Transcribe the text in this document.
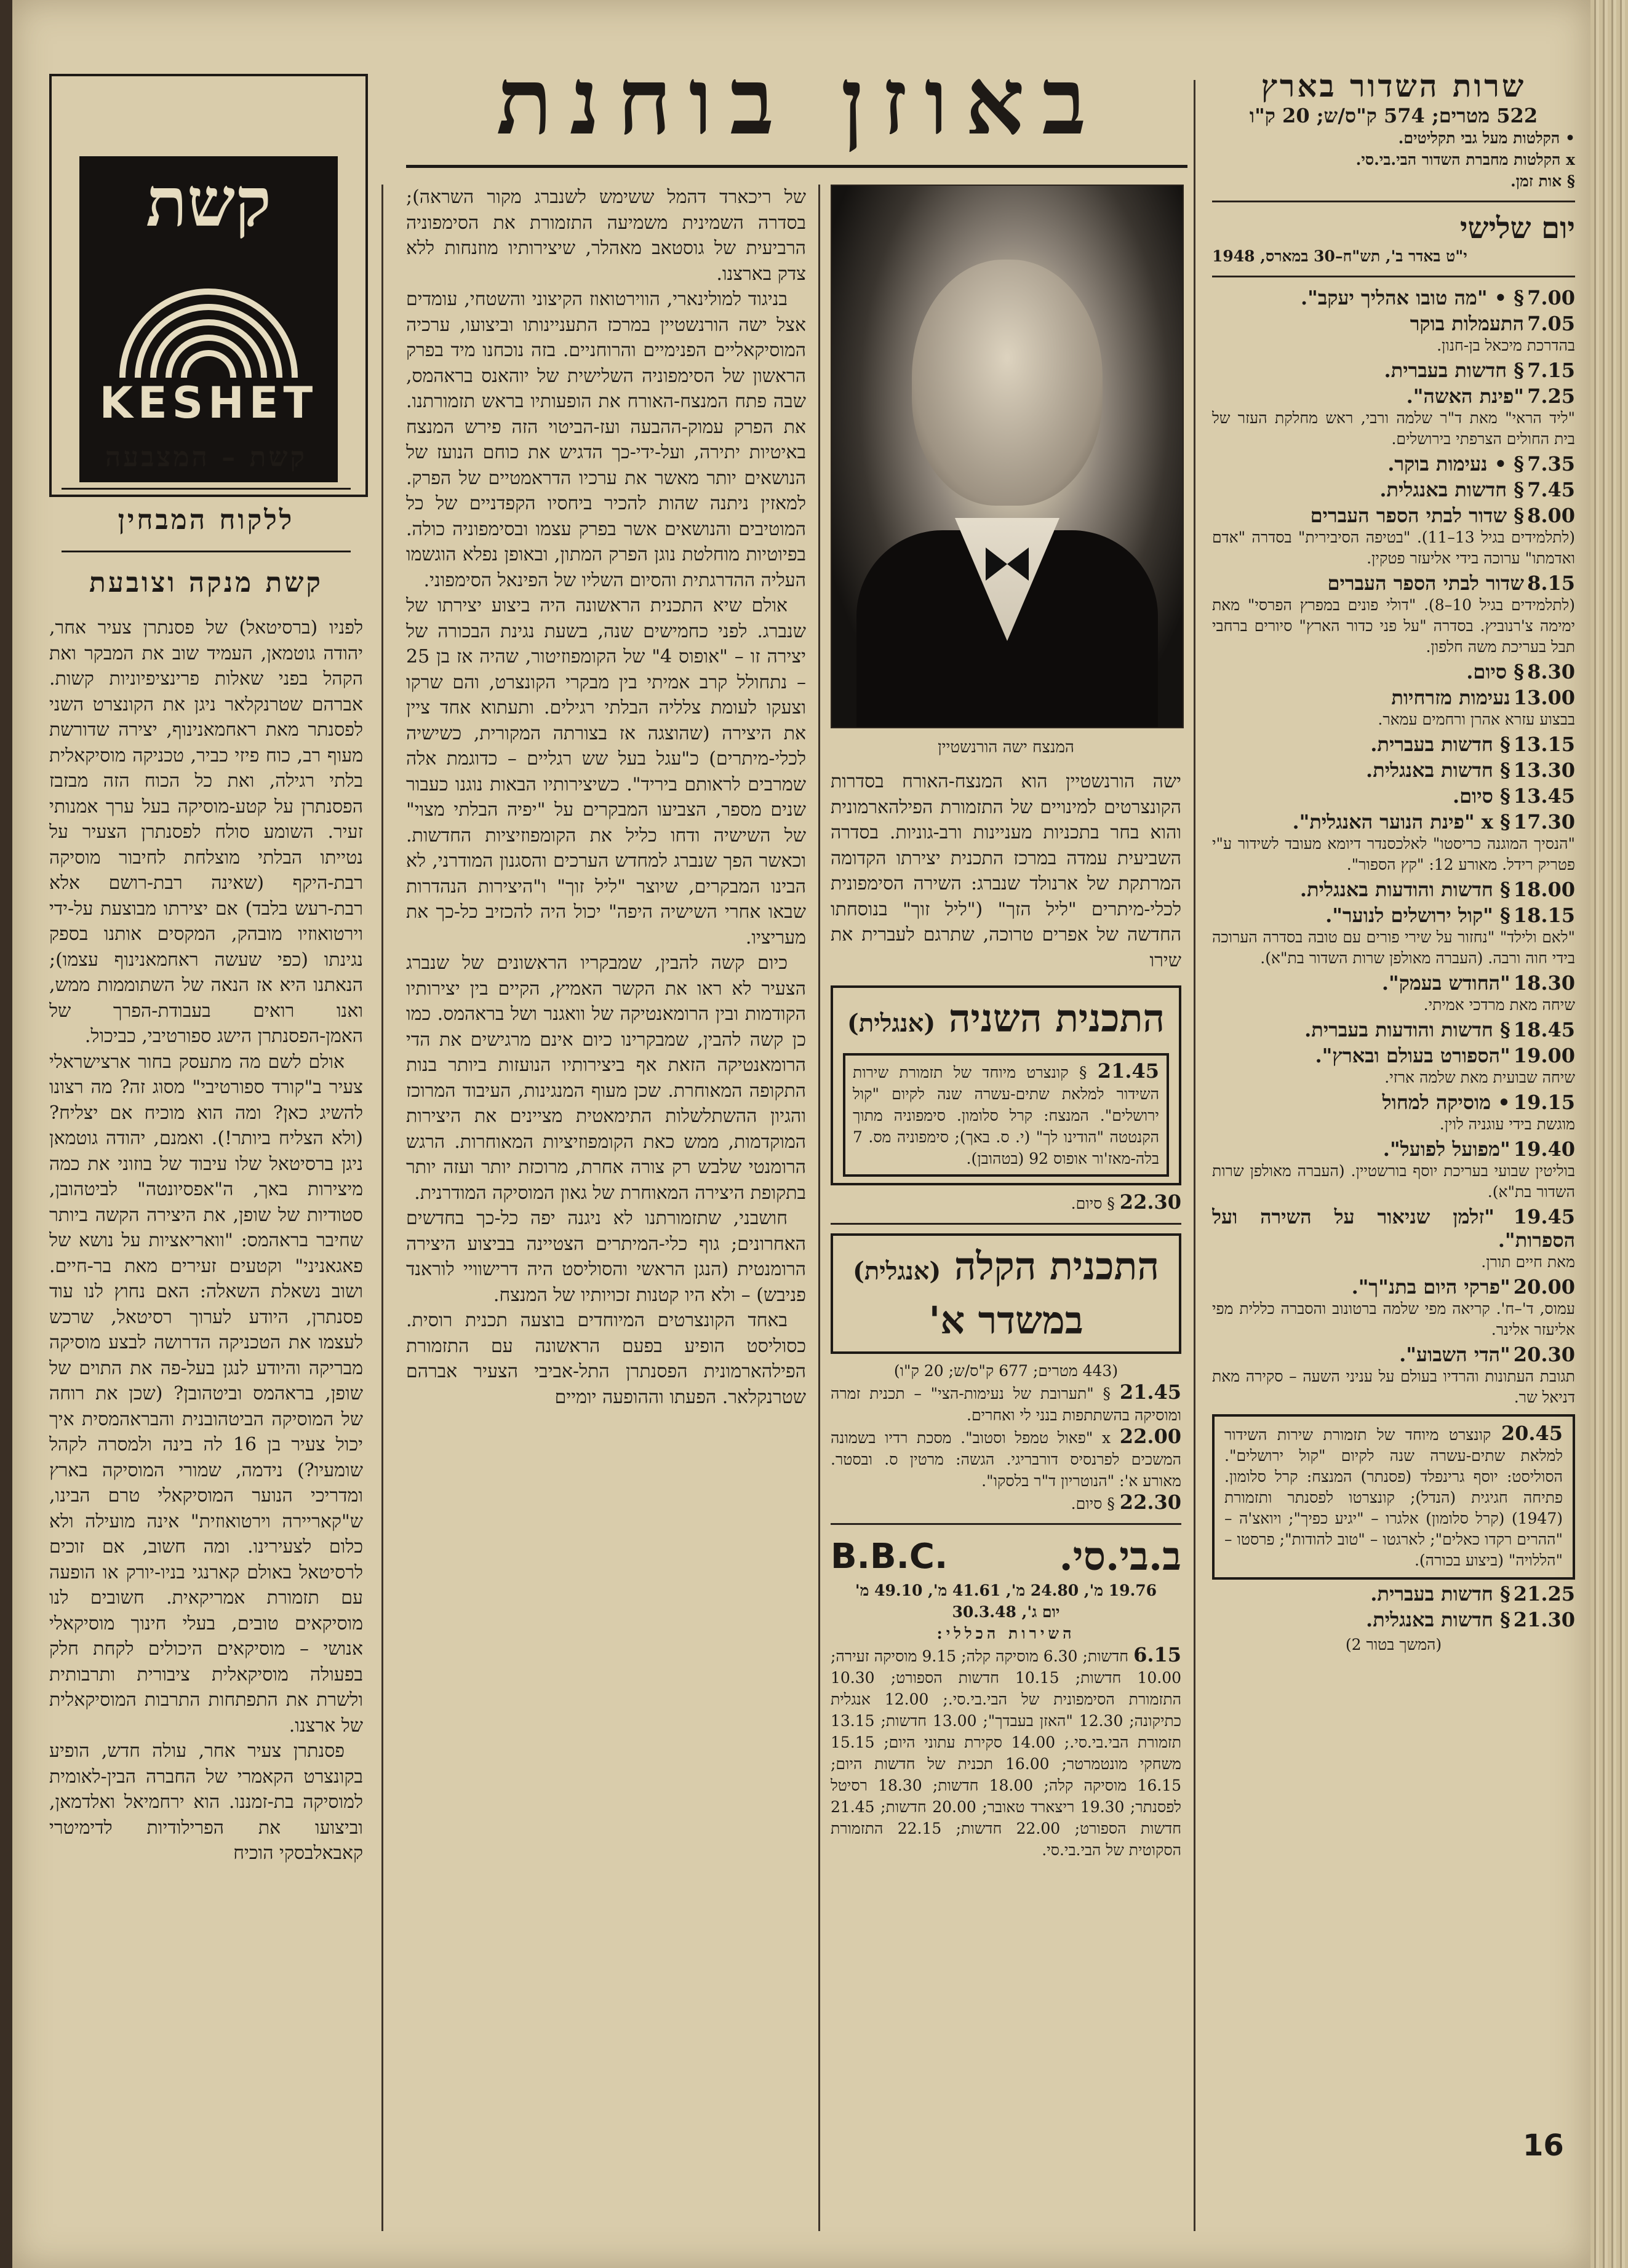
באוזן בוחנת
קשת
KESHET
קשת – המצבעה
ללקוח המבחין
קשת מנקה וצובעת

לפניו (ברסיטאל) של פסנתרן צעיר אחר, יהודה גוטמאן, העמיד שוב את המבקר ואת הקהל בפני שאלות פרינציפיוניות קשות. אברהם שטרנקלאר ניגן את הקונצרט השני לפסנתר מאת ראחמאנינוף, יצירה שדורשת מעוף רב, כוח פיזי כביר, טכניקה מוסיקאלית בלתי רגילה, ואת כל הכוח הזה מבזבז הפסנתרן על קטע-מוסיקה בעל ערך אמנותי זעיר. השומע סולח לפסנתרן הצעיר על נטייתו הבלתי מוצלחת לחיבור מוסיקה רבת-היקף (שאינה רבת-רושם אלא רבת-רעש בלבד) אם יצירתו מבוצעת על-ידי וירטואוזיו מובהק, המקסים אותנו בספק נגינתו (כפי שעשה ראחמאנינוף עצמו); הנאתנו היא אז הנאה של השתוממות ממש, ואנו רואים בעבודת-הפרך של האמן-הפסנתרן הישג ספורטיבי, כביכול.

אולם לשם מה מתעסק בחור ארצישראלי צעיר ב"קורד ספורטיבי" מסוג זה? מה רצונו להשיג כאן? ומה הוא מוכיח אם יצליח? (ולא הצליח ביותר!). ואמנם, יהודה גוטמאן ניגן ברסיטאל שלו עיבוד של בוזוני את כמה מיצירות באך, ה"אפסיונטה" לביטהובן, סטודיות של שופן, את היצירה הקשה ביותר שחיבר בראהמס: "וואריאציות על נושא של פאגאניני" וקטעים זעירים מאת בר-חיים. ושוב נשאלת השאלה: האם נחוץ לנו עוד פסנתרן, היודע לערוך רסיטאל, שרכש לעצמו את הטכניקה הדרושה לבצע מוסיקה מבריקה והיודע לנגן בעל-פה את התוים של שופן, בראהמס וביטהובן? (שכן את רוחה של המוסיקה הביטהובנית והבראהמסית איך יכול צעיר בן 16 לה בינה ולמסרה לקהל שומעיו?) נידמה, שמורי המוסיקה בארץ ומדריכי הנוער המוסיקאלי טרם הבינו, ש"קאריירה וירטואוזית" אינה מועילה ולא כלום לצעירינו. ומה חשוב, אם זוכים לרסיטאל באולם קארנגי בניו-יורק או הופעה עם תזמורת אמריקאית. חשובים לנו מוסיקאים טובים, בעלי חינוך מוסיקאלי אנושי – מוסיקאים היכולים לקחת חלק בפעולה מוסיקאלית ציבורית ותרבותית ולשרת את התפתחות התרבות המוסיקאלית של ארצנו.

פסנתרן צעיר אחר, עולה חדש, הופיע בקונצרט הקאמרי של החברה הבין-לאומית למוסיקה בת-זמננו. הוא ירחמיאל ואלדמאן, וביצועו את הפרילודיות לדימיטרי קאבאלבסקי הוכיח

של ריכארד דהמל ששימש לשנברג מקור השראה); בסדרה השמינית משמיעה התזמורת את הסימפוניה הרביעית של גוסטאב מאהלר, שיצירותיו מוזנחות ללא צדק בארצנו.

בניגוד למולינארי, הווירטואוז הקיצוני והשטחי, עומדים אצל ישה הורנשטיין במרכז התעניינותו וביצועו, ערכיה המוסיקאליים הפנימיים והרוחניים. בזה נוכחנו מיד בפרק הראשון של הסימפוניה השלישית של יוהאנס בראהמס, שבה פתח המנצח-האורח את הופעותיו בראש תזמורתנו. את הפרק עמוק-ההבעה ועז-הביטוי הזה פירש המנצח באיטיות יתירה, ועל-ידי-כך הדגיש את כוחם הנועז של הנושאים יותר מאשר את ערכיו הדראמטיים של הפרק. למאזין ניתנה שהות להכיר ביחסיו הקפדניים של כל המוטיבים והנושאים אשר בפרק עצמו ובסימפוניה כולה. בפיוטיות מוחלטת נוגן הפרק המתון, ובאופן נפלא הוגשמו העליה ההדרגתית והסיום השליו של הפינאל הסימפוני.

אולם שיא התכנית הראשונה היה ביצוע יצירתו של שנברג. לפני כחמישים שנה, בשעת נגינת הבכורה של יצירה זו – "אופוס 4" של הקומפוזיטור, שהיה אז בן 25 – נתחולל קרב אמיתי בין מבקרי הקונצרט, והם שרקו וצעקו לעומת צלליה הבלתי רגילים. ותעתוא אחד ציין את היצירה (שהוצגה אז בצורתה המקורית, כשישיה לכלי-מיתרים) כ"עגל בעל שש רגליים – כדוגמת אלה שמרבים לראותם ביריד". כשיצירותיו הבאות נוגנו כעבור שנים מספר, הצביעו המבקרים על "יפיה הבלתי מצוי" של השישיה ודחו כליל את הקומפוזיציות החדשות. וכאשר הפך שנברג למחדש הערכים והסגנון המודרני, לא הבינו המבקרים, שיוצר "ליל זוך" ו"היצירות הנהדרות שבאו אחרי השישיה היפה" יכול היה להכזיב כל-כך את מעריציו.

כיום קשה להבין, שמבקריו הראשונים של שנברג הצעיר לא ראו את הקשר האמיץ, הקיים בין יצירותיו הקודמות ובין הרומאנטיקה של וואגנר ושל בראהמס. כמו כן קשה להבין, שמבקרינו כיום אינם מרגישים את הדי הרומאנטיקה הזאת אף ביצירותיו הנועזות ביותר בנות התקופה המאוחרת. שכן מעוף המנגינות, העיבוד המרוכז והגיון ההשתלשלות התימאטית מציינים את היצירות המוקדמות, ממש כאת הקומפוזיציות המאוחרות. הרגש הרומנטי שלבש רק צורה אחרת, מרוכזת יותר ועזה יותר בתקופת היצירה המאוחרת של גאון המוסיקה המודרנית.

חושבני, שתזמורתנו לא ניגנה יפה כל-כך בחדשים האחרונים; גוף כלי-המיתרים הצטיינה בביצוע היצירה הרומנטית (הנגן הראשי והסוליסט היה דרישוויי לוראנד פניבש) – ולא היו קטנות זכויותיו של המנצח.

באחד הקונצרטים המיוחדים בוצעה תכנית רוסית. כסוליסט הופיע בפעם הראשונה עם התזמורת הפילהארמונית הפסנתרן התל-אביבי הצעיר אברהם שטרנקלאר. הפעתו וההופעה יומיים

המנצח ישה הורנשטיין

ישה הורנשטיין הוא המנצח-האורח בסדרות הקונצרטים למינויים של התזמורת הפילהארמונית והוא בחר בתכניות מעניינות ורב-גוניות. בסדרה השביעית עמדה במרכז התכנית יצירתו הקדומה המרתקת של ארנולד שנברג: השירה הסימפונית לכלי-מיתרים "ליל הזך" ("ליל זוך" בנוסחתו החדשה של אפרים טרוכה, שתרגם לעברית את שירו

התכנית השניה (אנגלית)
21.45 § קונצרט מיוחד של תזמורת שירות השידור למלאת שתים-עשרה שנה לקיום "קול ירושלים". המנצח: קרל סלומון. סימפוניה מתוך הקנטטה "הודינו לך" (י. ס. באך); סימפוניה מס. 7 בלה-מאז'ור אופוס 92 (בטהובן).
22.30 § סיום.
התכנית הקלה (אנגלית)
במשדר א'
(443 מטרים; 677 ק"ס/ש; 20 ק"ו)
21.45 § "תערובת של נעימות-הצי" – תכנית זמרה ומוסיקה בהשתתפות בנני לי ואחרים.
22.00 x "פאול טמפל וסטוב". מסכת רדיו בשמונה המשכים לפרנסיס דורבריגי. הגשה: מרטין ס. ובסטר. מאורע א': "הנוטריון ד"ר בלסקו".
22.30 § סיום.
ב.בי.סי.
B.B.C.
19.76 מ', 24.80 מ', 41.61 מ', 49.10 מ'
יום ג', 30.3.48
השירות הכללי:
6.15 חדשות; 6.30 מוסיקה קלה; 9.15 מוסיקה זעירה; 10.00 חדשות; 10.15 חדשות הספורט; 10.30 התזמורת הסימפונית של הבי.בי.סי.; 12.00 אנגלית כתיקונה; 12.30 "האזן בעבדך"; 13.00 חדשות; 13.15 תזמורת הבי.בי.סי.; 14.00 סקירת עתוני היום; 15.15 משחקי מונטמרטר; 16.00 תכנית של חדשות היום; 16.15 מוסיקה קלה; 18.00 חדשות; 18.30 רסיטל לפסנתר; 19.30 ריצארד טאובר; 20.00 חדשות; 21.45 חדשות הספורט; 22.00 חדשות; 22.15 התזמורת הסקוטית של הבי.בי.סי.
שרות השדור בארץ
522 מטרים; 574 ק"ס/ש; 20 ק"ו
• הקלטות מעל גבי תקליטים.
x הקלטות מחברת השדור הבי.בי.סי.
§ אות זמן.
יום שלישי
י"ט באדר ב', תש"ח–30 במארס, 1948
7.00 § • "מה טובו אהליך יעקב".
7.05 התעמלות בוקר
בהדרכת מיכאל בן-חנון.
7.15 § חדשות בעברית.
7.25 "פינת האשה".
"ליד הראי" מאת ד"ר שלמה ורבי, ראש מחלקת העזר של בית החולים הצרפתי בירושלים.
7.35 § • נעימות בוקר.
7.45 § חדשות באנגלית.
8.00 § שדור לבתי הספר העברים
(לתלמידים בגיל 13–11). "בטיפה הסיבירית" בסדרה "אדם ואדמתו" ערוכה בידי אליעזר פטקין.
8.15 שדור לבתי הספר העברים
(לתלמידים בגיל 10–8). "דולי פונים במפרץ הפרסי" מאת ימימה צ'רנוביץ. בסדרה "על פני כדור הארץ" סיורים ברחבי תבל בעריכת משה חלפון.
8.30 § סיום.
13.00 נעימות מזרחיות
בבצוע עזרא אהרן ורחמים עמאר.
13.15 § חדשות בעברית.
13.30 § חדשות באנגלית.
13.45 § סיום.
17.30 § x "פינת הנוער האנגלית".
"הנסיך המוגנה כריסטו" לאלכסנדר דיומא מעובד לשידור ע"י פטריק רידל. מאורע 12: "קץ הספור".
18.00 § חדשות והודעות באנגלית.
18.15 § "קול ירושלים לנוער".
"לאם ולילד" "נחזור על שירי פורים עם טובה בסדרה הערוכה בידי חוה ורבה. (העברה מאולפן שרות השדור בת"א).
18.30 "החודש בעמק".
שיחה מאת מרדכי אמיתי.
18.45 § חדשות והודעות בעברית.
19.00 "הספורט בעולם ובארץ".
שיחה שבועית מאת שלמה ארזי.
19.15 • מוסיקה למחול
מוגשת בידי עוגניה לוין.
19.40 "מפועל לפועל".
בוליטין שבועי בעריכת יוסף בורשטיין. (העברה מאולפן שרות השדור בת"א).
19.45 "זלמן שניאור על השירה ועל הספרות".
מאת חיים תורן.
20.00 "פרקי היום בתנ"ך".
עמוס, ד'–ח'. קריאה מפי שלמה ברטונוב והסברה כללית מפי אליעזר אלינר.
20.30 "הדי השבוע".
תגובת העתונות והרדיו בעולם על עניני השעה – סקירה מאת דניאל שר.
20.45 קונצרט מיוחד של תזמורת שירות השידור למלאת שתים-עשרה שנה לקיום "קול ירושלים". הסוליסט: יוסף גרינפלד (פסנתר) המנצח: קרל סלומון. פתיחה חגיגית (הנדל); קונצרטו לפסנתר ותזמורת (1947) (קרל סלומון) אלגרו – "יגיע כפיך"; ויואצ'ה – "ההרים רקדו כאלים"; לארגטו – "טוב להודות"; פרסטו – "הללויה" (ביצוע בכורה).
21.25 § חדשות בעברית.
21.30 § חדשות באנגלית.
(המשך בטור 2)
16
